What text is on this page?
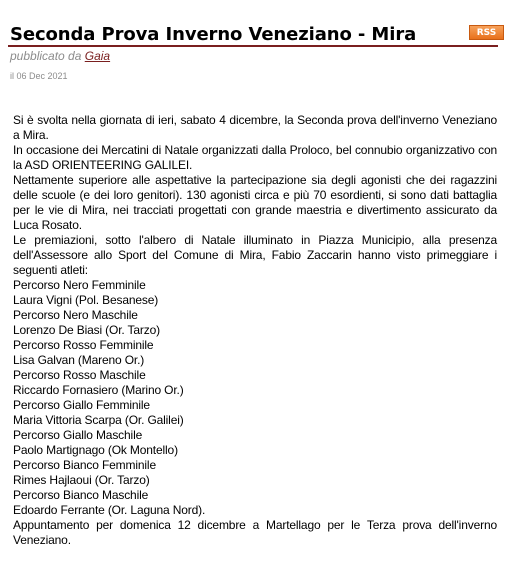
Seconda Prova Inverno Veneziano - Mira	RSS
pubblicato da Gaia
il 06 Dec 2021

Si è svolta nella giornata di ieri, sabato 4 dicembre, la Seconda prova dell'inverno Veneziano a Mira.

In occasione dei Mercatini di Natale organizzati dalla Proloco, bel connubio organizzativo con la ASD ORIENTEERING GALILEI.

Nettamente superiore alle aspettative la partecipazione sia degli agonisti che dei ragazzini delle scuole (e dei loro genitori). 130 agonisti circa e più 70 esordienti, si sono dati battaglia per le vie di Mira, nei tracciati progettati con grande maestria e divertimento assicurato da Luca Rosato.

Le premiazioni, sotto l'albero di Natale illuminato in Piazza Municipio, alla presenza dell'Assessore allo Sport del Comune di Mira, Fabio Zaccarin hanno visto primeggiare i seguenti atleti:

Percorso Nero Femminile

Laura Vigni (Pol. Besanese)

Percorso Nero Maschile

Lorenzo De Biasi (Or. Tarzo)

Percorso Rosso Femminile

Lisa Galvan (Mareno Or.)

Percorso Rosso Maschile

Riccardo Fornasiero (Marino Or.)

Percorso Giallo Femminile

Maria Vittoria Scarpa (Or. Galilei)

Percorso Giallo Maschile

Paolo Martignago (Ok Montello)

Percorso Bianco Femminile

Rimes Hajlaoui (Or. Tarzo)

Percorso Bianco Maschile

Edoardo Ferrante (Or. Laguna Nord).

Appuntamento per domenica 12 dicembre a Martellago per le Terza prova dell'inverno Veneziano.
